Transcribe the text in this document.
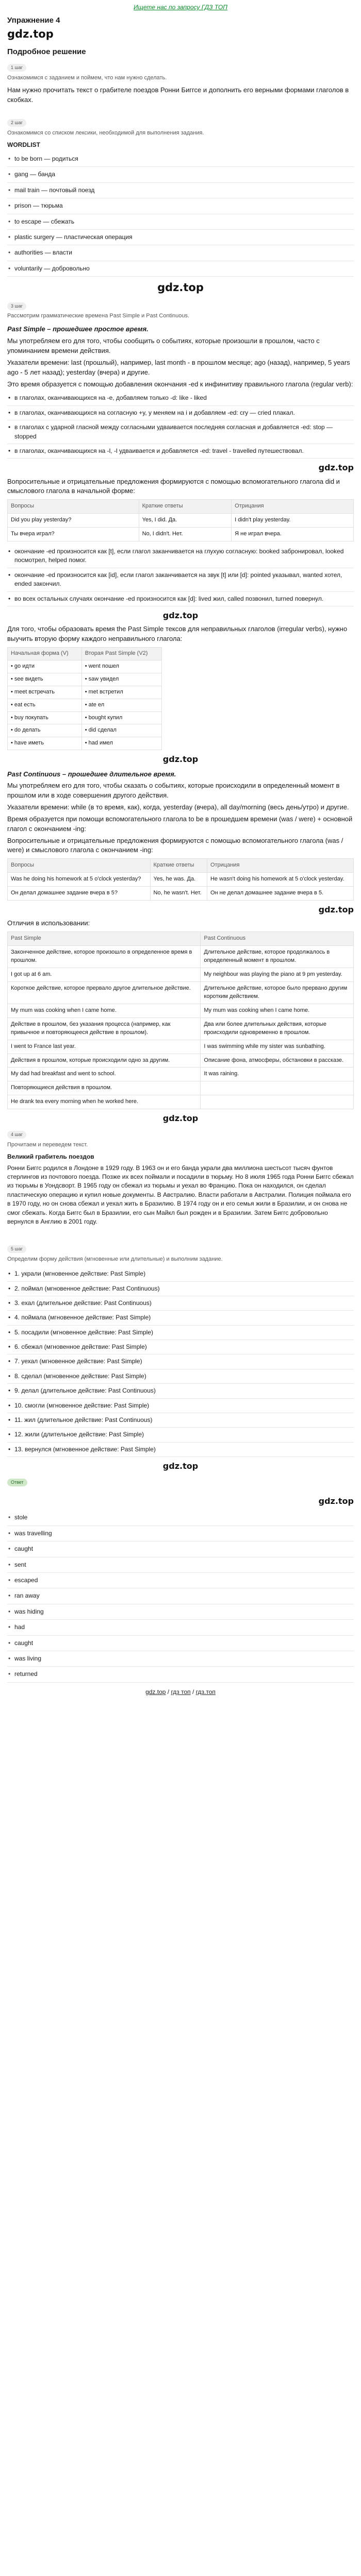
Ищете нас по запросу ГДЗ ТОП
Упражнение 4
gdz.top
Подробное решение
1 шаг
Ознакомимся с заданием и поймем, что нам нужно сделать.

Нам нужно прочитать текст о грабителе поездов Ронни Биггсе и дополнить его верными формами глаголов в скобках.

2 шаг
Ознакомимся со списком лексики, необходимой для выполнения задания.
WORDLIST
• to be born — родиться
• gang — банда
• mail train — почтовый поезд
• prison — тюрьма
• to escape — сбежать
• plastic surgery — пластическая операция
• authorities — власти
• voluntarily — добровольно
gdz.top
3 шаг
Рассмотрим грамматические времена Past Simple и Past Continuous.
Past Simple – прошедшее простое время.

Мы употребляем его для того, чтобы сообщить о событиях, которые произошли в прошлом, часто с упоминанием времени действия.

Указатели времени: last (прошлый), например, last month - в прошлом месяце; ago (назад), например, 5 years ago - 5 лет назад); yesterday (вчера) и другие.

Это время образуется с помощью добавления окончания -ed к инфинитиву правильного глагола (regular verb):

• в глаголах, оканчивающихся на -e, добавляем только -d: like - liked
• в глаголах, оканчивающихся на согласную +y, у меняем на i и добавляем -ed: cry — cried плакал.
• в глаголах с ударной гласной между согласными удваивается последняя согласная и добавляется -ed: stop — stopped
• в глаголах, оканчивающихся на -l, -l удваивается и добавляется -ed: travel - travelled путешествовал.
gdz.top

Вопросительные и отрицательные предложения формируются с помощью вспомогательного глагола did и смыслового глагола в начальной форме:

Вопросы	Краткие ответы	Отрицания
Did you play yesterday?	Yes, I did. Да.	I didn't play yesterday.
Ты вчера играл?	No, I didn't. Нет.	Я не играл вчера.
• окончание -ed произносится как [t], если глагол заканчивается на глухую согласную: booked забронировал, looked посмотрел, helped помог.
• окончание -ed произносится как [id], если глагол заканчивается на звук [t] или [d]: pointed указывал, wanted хотел, ended закончил.
• во всех остальных случаях окончание -ed произносится как [d]: lived жил, called позвонил, turned повернул.
gdz.top

Для того, чтобы образовать время the Past Simple тексов для неправильных глаголов (irregular verbs), нужно выучить вторую форму каждого неправильного глагола:

Начальная форма (V)	Вторая Past Simple (V2)
• go идти	• went пошел
• see видеть	• saw увидел
• meet встречать	• met встретил
• eat есть	• ate ел
• buy покупать	• bought купил
• do делать	• did сделал
• have иметь	• had имел
gdz.top
Past Continuous – прошедшее длительное время.

Мы употребляем его для того, чтобы сказать о событиях, которые происходили в определенный момент в прошлом или в ходе совершения другого действия.

Указатели времени: while (в то время, как), когда, yesterday (вчера), all day/morning (весь день/утро) и другие.

Время образуется при помощи вспомогательного глагола to be в прошедшем времени (was / were) + основной глагол с окончанием -ing:

Вопросительные и отрицательные предложения формируются с помощью вспомогательного глагола (was / were) и смыслового глагола с окончанием -ing:

Вопросы	Краткие ответы	Отрицания
Was he doing his homework at 5 o'clock yesterday?	Yes, he was. Да.	He wasn't doing his homework at 5 o'clock yesterday.
Он делал домашнее задание вчера в 5?	No, he wasn't. Нет.	Он не делал домашнее задание вчера в 5.
gdz.top

Отличия в использовании:

Past Simple	Past Continuous
Законченное действие, которое произошло в определенное время в прошлом.	Длительное действие, которое продолжалось в определенный момент в прошлом.
I got up at 6 am.	My neighbour was playing the piano at 9 pm yesterday.
Короткое действие, которое прервало другое длительное действие.	Длительное действие, которое было прервано другим коротким действием.
My mum was cooking when I came home.	My mum was cooking when I came home.
Действие в прошлом, без указания процесса (например, как привычное и повторяющееся действие в прошлом).	Два или более длительных действия, которые происходили одновременно в прошлом.
I went to France last year.	I was swimming while my sister was sunbathing.
Действия в прошлом, которые происходили одно за другим.	Описание фона, атмосферы, обстановки в рассказе.
My dad had breakfast and went to school.	It was raining.
Повторяющиеся действия в прошлом.	
He drank tea every morning when he worked here.	
gdz.top
4 шаг
Прочитаем и переведем текст.
Великий грабитель поездов

Ронни Биггс родился в Лондоне в 1929 году. В 1963 он и его банда украли два миллиона шестьсот тысяч фунтов стерлингов из почтового поезда. Позже их всех поймали и посадили в тюрьму. Но 8 июля 1965 года Ронни Биггс сбежал из тюрьмы в Уондсворт. В 1965 году он сбежал из тюрьмы и уехал во Францию. Пока он находился, он сделал пластическую операцию и купил новые документы. В Австралию. Власти работали в Австралии. Полиция поймала его в 1970 году, но он снова сбежал и уехал жить в Бразилию. В 1974 году он и его семья жили в Бразилии, и он снова не смог сбежать. Когда Биггс был в Бразилии, его сын Майкл был рожден и в Бразилии. Затем Биггс добровольно вернулся в Англию в 2001 году.

5 шаг
Определим форму действия (мгновенные или длительные) и выполним задание.
• 1. украли (мгновенное действие: Past Simple)
• 2. поймал (мгновенное действие: Past Continuous)
• 3. ехал (длительное действие: Past Continuous)
• 4. поймала (мгновенное действие: Past Simple)
• 5. посадили (мгновенное действие: Past Simple)
• 6. сбежал (мгновенное действие: Past Simple)
• 7. уехал (мгновенное действие: Past Simple)
• 8. сделал (мгновенное действие: Past Simple)
• 9. делал (длительное действие: Past Continuous)
• 10. смогли (мгновенное действие: Past Simple)
• 11. жил (длительное действие: Past Continuous)
• 12. жили (длительное действие: Past Simple)
• 13. вернулся (мгновенное действие: Past Simple)
gdz.top
Ответ
gdz.top
• stole
• was travelling
• caught
• sent
• escaped
• ran away
• was hiding
• had
• caught
• was living
• returned
gdz.top / гдз топ / гдз.топ
